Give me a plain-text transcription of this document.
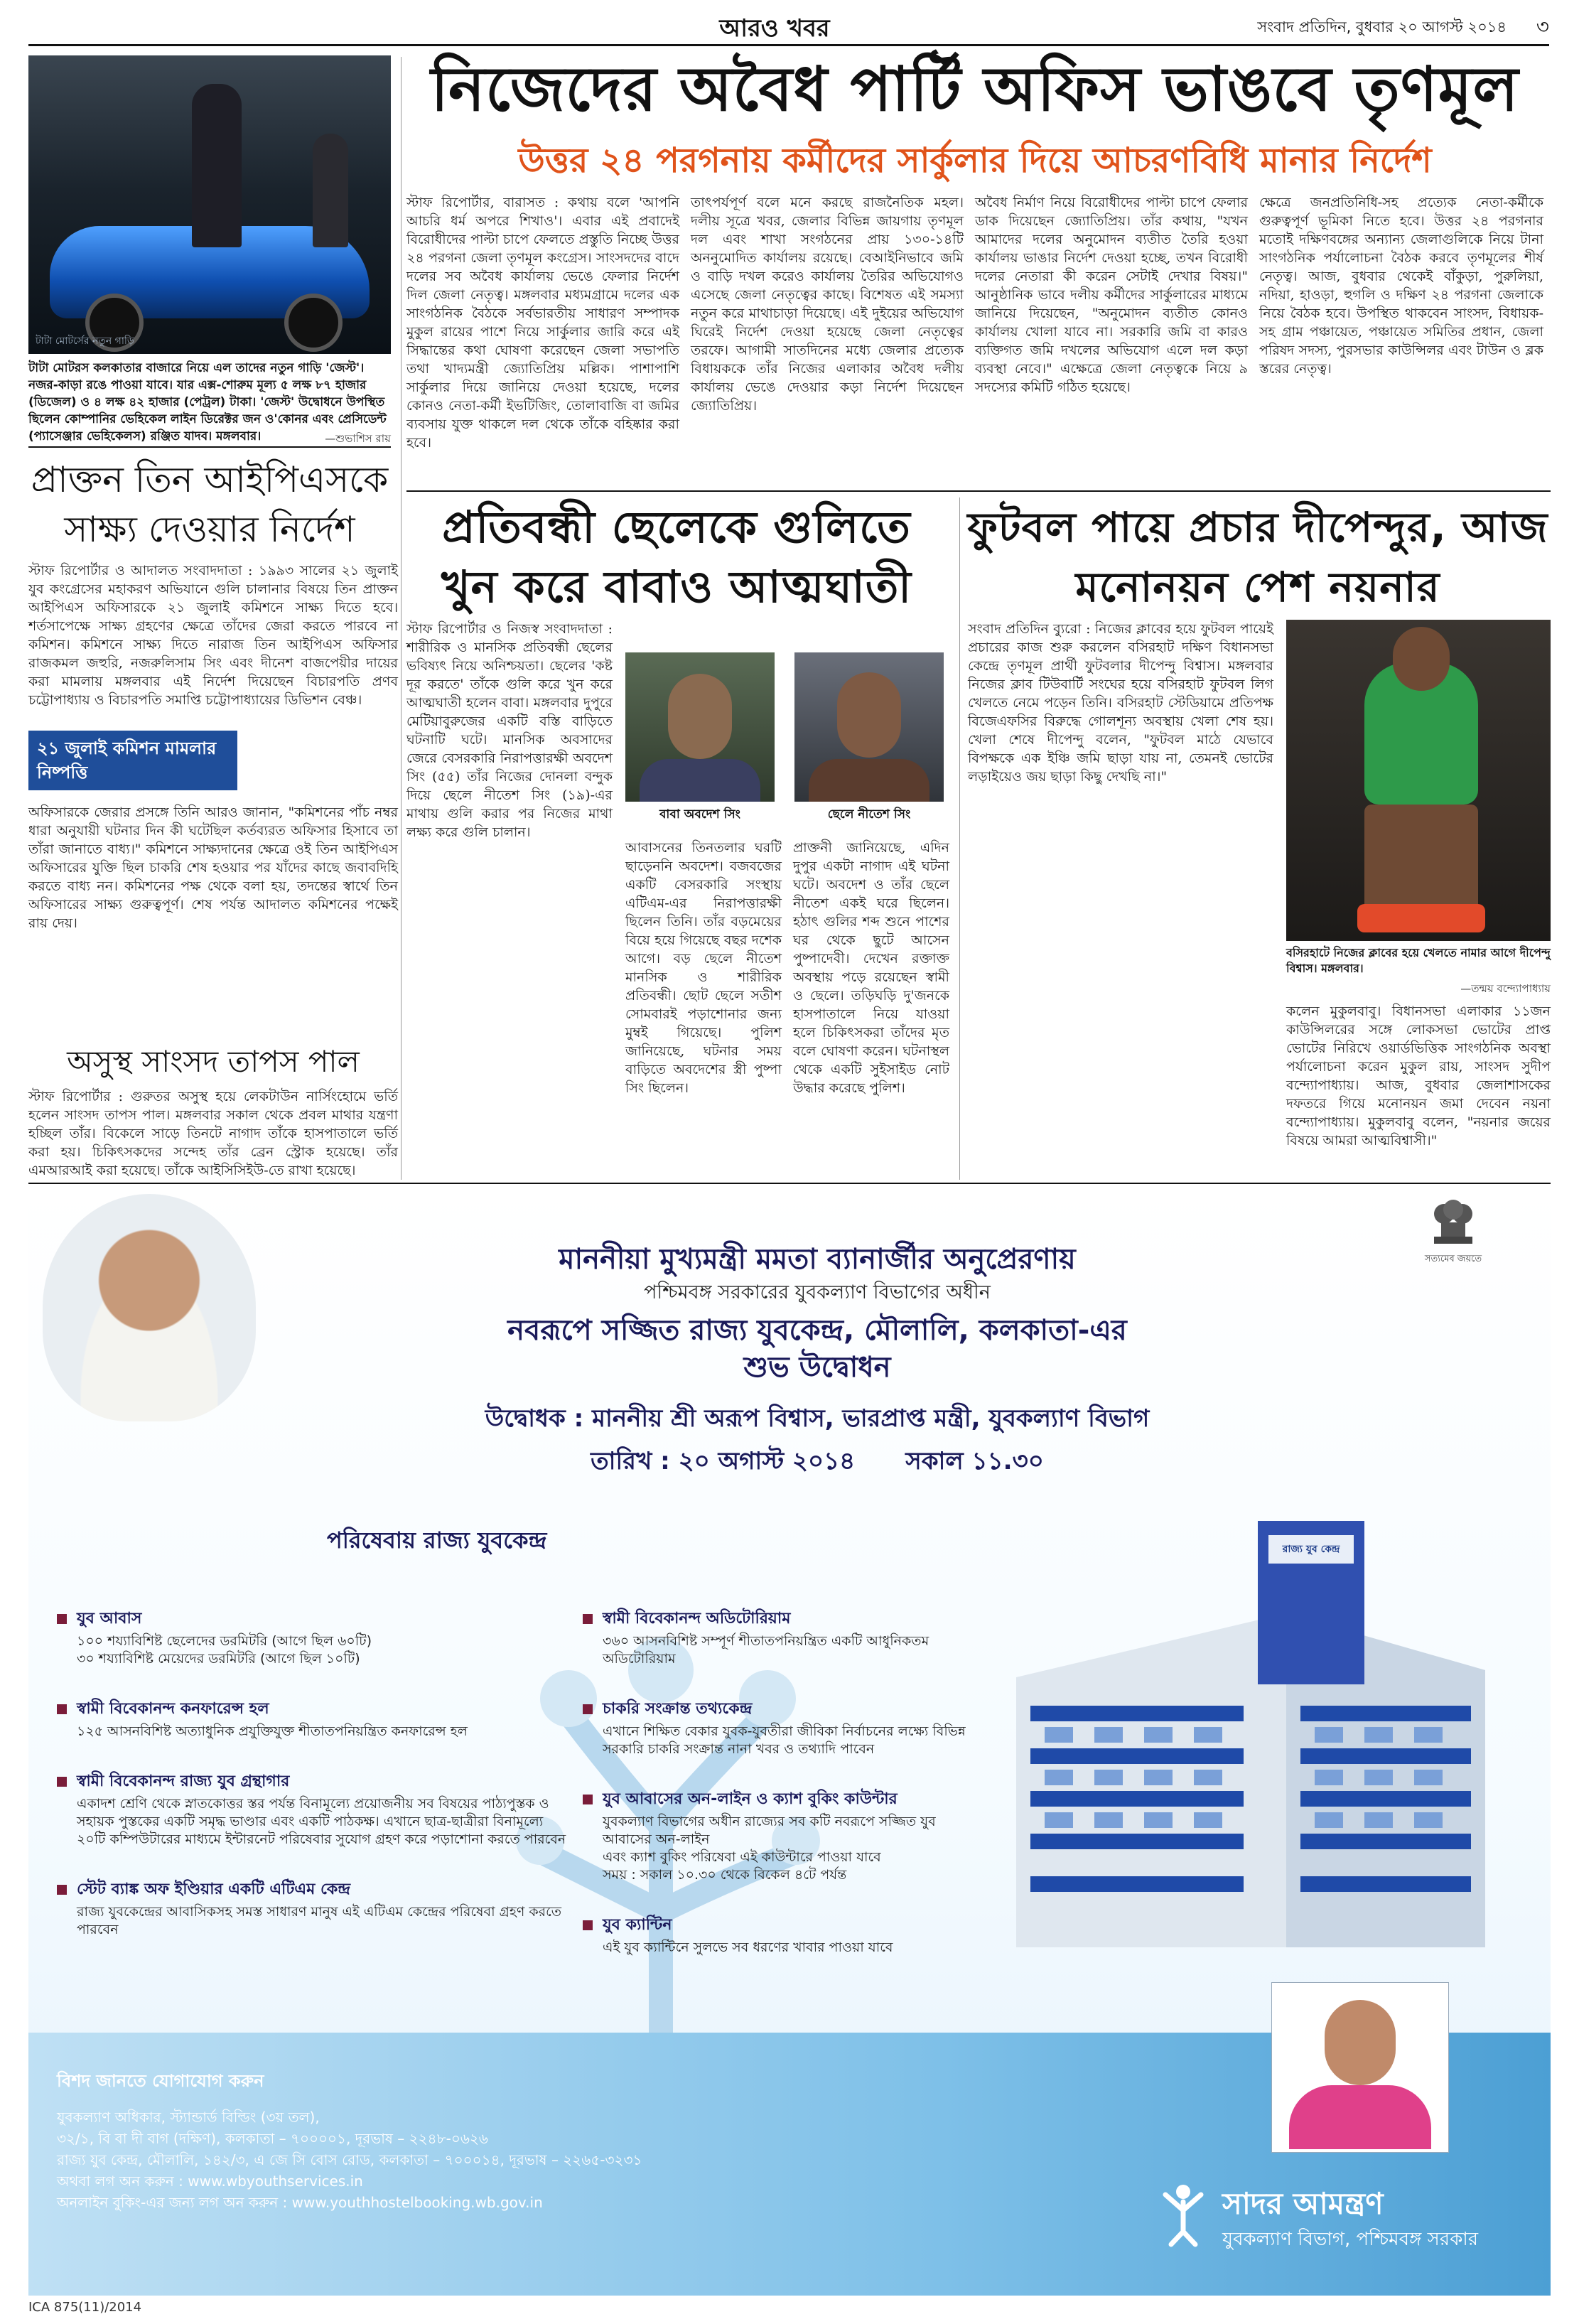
আরও খবর	সংবাদ প্রতিদিন, বুধবার ২০ আগস্ট ২০১৪	৩
টাটা মোটর্সের নতুন গাড়ি
টাটা মোটরস কলকাতার বাজারে নিয়ে এল তাদের নতুন গাড়ি 'জেস্ট'। নজর-কাড়া রঙে পাওয়া যাবে। যার এক্স-শোরুম মূল্য ৫ লক্ষ ৮৭ হাজার (ডিজেল) ও ৪ লক্ষ ৪২ হাজার (পেট্রল) টাকা। 'জেস্ট' উদ্বোধনে উপস্থিত ছিলেন কোম্পানির ভেহিকেল লাইন ডিরেক্টর জন ও'কোনর এবং প্রেসিডেন্ট (প্যাসেঞ্জার ভেহিকেলস) রঞ্জিত যাদব। মঙ্গলবার।	—শুভাশিস রায়
নিজেদের অবৈধ পার্টি অফিস ভাঙবে তৃণমূল
উত্তর ২৪ পরগনায় কর্মীদের সার্কুলার দিয়ে আচরণবিধি মানার নির্দেশ
স্টাফ রিপোর্টার, বারাসত : কথায় বলে 'আপনি আচরি ধর্ম অপরে শিখাও'। এবার এই প্রবাদেই বিরোধীদের পাল্টা চাপে ফেলতে প্রস্তুতি নিচ্ছে উত্তর ২৪ পরগনা জেলা তৃণমূল কংগ্রেস। সাংসদদের বাদে দলের সব অবৈধ কার্যালয় ভেঙে ফেলার নির্দেশ দিল জেলা নেতৃত্ব। মঙ্গলবার মধ্যমগ্রামে দলের এক সাংগঠনিক বৈঠকে সর্বভারতীয় সাধারণ সম্পাদক মুকুল রায়ের পাশে নিয়ে সার্কুলার জারি করে এই সিদ্ধান্তের কথা ঘোষণা করেছেন জেলা সভাপতি তথা খাদ্যমন্ত্রী জ্যোতিপ্রিয় মল্লিক। পাশাপাশি সার্কুলার দিয়ে জানিয়ে দেওয়া হয়েছে, দলের কোনও নেতা-কর্মী ইভটিজিং, তোলাবাজি বা জমির ব্যবসায় যুক্ত থাকলে দল থেকে তাঁকে বহিষ্কার করা হবে।
তাৎপর্যপূর্ণ বলে মনে করছে রাজনৈতিক মহল। দলীয় সূত্রে খবর, জেলার বিভিন্ন জায়গায় তৃণমূল দল এবং শাখা সংগঠনের প্রায় ১৩০-১৪টি অননুমোদিত কার্যালয় রয়েছে। বেআইনিভাবে জমি ও বাড়ি দখল করেও কার্যালয় তৈরির অভিযোগও এসেছে জেলা নেতৃত্বের কাছে। বিশেষত এই সমস্যা নতুন করে মাথাচাড়া দিয়েছে। এই দুইয়ের অভিযোগ ঘিরেই নির্দেশ দেওয়া হয়েছে জেলা নেতৃত্বের তরফে। আগামী সাতদিনের মধ্যে জেলার প্রত্যেক বিধায়ককে তাঁর নিজের এলাকার অবৈধ দলীয় কার্যালয় ভেঙে দেওয়ার কড়া নির্দেশ দিয়েছেন জ্যোতিপ্রিয়।
অবৈধ নির্মাণ নিয়ে বিরোধীদের পাল্টা চাপে ফেলার ডাক দিয়েছেন জ্যোতিপ্রিয়। তাঁর কথায়, "যখন আমাদের দলের অনুমোদন ব্যতীত তৈরি হওয়া কার্যালয় ভাঙার নির্দেশ দেওয়া হচ্ছে, তখন বিরোধী দলের নেতারা কী করেন সেটাই দেখার বিষয়।" আনুষ্ঠানিক ভাবে দলীয় কর্মীদের সার্কুলারের মাধ্যমে জানিয়ে দিয়েছেন, "অনুমোদন ব্যতীত কোনও কার্যালয় খোলা যাবে না। সরকারি জমি বা কারও ব্যক্তিগত জমি দখলের অভিযোগ এলে দল কড়া ব্যবস্থা নেবে।" এক্ষেত্রে জেলা নেতৃত্বকে নিয়ে ৯ সদস্যের কমিটি গঠিত হয়েছে।
ক্ষেত্রে জনপ্রতিনিধি-সহ প্রত্যেক নেতা-কর্মীকে গুরুত্বপূর্ণ ভূমিকা নিতে হবে। উত্তর ২৪ পরগনার মতোই দক্ষিণবঙ্গের অন্যান্য জেলাগুলিকে নিয়ে টানা সাংগঠনিক পর্যালোচনা বৈঠক করবে তৃণমূলের শীর্ষ নেতৃত্ব। আজ, বুধবার থেকেই বাঁকুড়া, পুরুলিয়া, নদিয়া, হাওড়া, হুগলি ও দক্ষিণ ২৪ পরগনা জেলাকে নিয়ে বৈঠক হবে। উপস্থিত থাকবেন সাংসদ, বিধায়ক-সহ গ্রাম পঞ্চায়েত, পঞ্চায়েত সমিতির প্রধান, জেলা পরিষদ সদস্য, পুরসভার কাউন্সিলর এবং টাউন ও ব্লক স্তরের নেতৃত্ব।
প্রাক্তন তিন আইপিএসকে সাক্ষ্য দেওয়ার নির্দেশ
স্টাফ রিপোর্টার ও আদালত সংবাদদাতা : ১৯৯৩ সালের ২১ জুলাই যুব কংগ্রেসের মহাকরণ অভিযানে গুলি চালানার বিষয়ে তিন প্রাক্তন আইপিএস অফিসারকে ২১ জুলাই কমিশনে সাক্ষ্য দিতে হবে। শর্তসাপেক্ষে সাক্ষ্য গ্রহণের ক্ষেত্রে তাঁদের জেরা করতে পারবে না কমিশন। কমিশনে সাক্ষ্য দিতে নারাজ তিন আইপিএস অফিসার রাজকমল জহুরি, নজরুলিসাম সিং এবং দীনেশ বাজপেয়ীর দায়ের করা মামলায় মঙ্গলবার এই নির্দেশ দিয়েছেন বিচারপতি প্রণব চট্টোপাধ্যায় ও বিচারপতি সমাপ্তি চট্টোপাধ্যায়ের ডিভিশন বেঞ্চ।
২১ জুলাই কমিশন মামলার নিষ্পত্তি
অফিসারকে জেরার প্রসঙ্গে তিনি আরও জানান, "কমিশনের পাঁচ নম্বর ধারা অনুযায়ী ঘটনার দিন কী ঘটেছিল কর্তব্যরত অফিসার হিসাবে তা তাঁরা জানাতে বাধ্য।" কমিশনে সাক্ষ্যদানের ক্ষেত্রে ওই তিন আইপিএস অফিসারের যুক্তি ছিল চাকরি শেষ হওয়ার পর যাঁদের কাছে জবাবদিহি করতে বাধ্য নন। কমিশনের পক্ষ থেকে বলা হয়, তদন্তের স্বার্থে তিন অফিসারের সাক্ষ্য গুরুত্বপূর্ণ। শেষ পর্যন্ত আদালত কমিশনের পক্ষেই রায় দেয়।
অসুস্থ সাংসদ তাপস পাল
স্টাফ রিপোর্টার : গুরুতর অসুস্থ হয়ে লেকটাউন নার্সিংহোমে ভর্তি হলেন সাংসদ তাপস পাল। মঙ্গলবার সকাল থেকে প্রবল মাথার যন্ত্রণা হচ্ছিল তাঁর। বিকেলে সাড়ে তিনটে নাগাদ তাঁকে হাসপাতালে ভর্তি করা হয়। চিকিৎসকদের সন্দেহ তাঁর ব্রেন স্ট্রোক হয়েছে। তাঁর এমআরআই করা হয়েছে। তাঁকে আইসিসিইউ-তে রাখা হয়েছে।
প্রতিবন্ধী ছেলেকে গুলিতে খুন করে বাবাও আত্মঘাতী
স্টাফ রিপোর্টার ও নিজস্ব সংবাদদাতা : শারীরিক ও মানসিক প্রতিবন্ধী ছেলের ভবিষ্যৎ নিয়ে অনিশ্চয়তা। ছেলের 'কষ্ট দূর করতে' তাঁকে গুলি করে খুন করে আত্মঘাতী হলেন বাবা। মঙ্গলবার দুপুরে মেটিয়াবুরুজের একটি বস্তি বাড়িতে ঘটনাটি ঘটে। মানসিক অবসাদের জেরে বেসরকারি নিরাপত্তারক্ষী অবদেশ সিং (৫৫) তাঁর নিজের দোনলা বন্দুক দিয়ে ছেলে নীতেশ সিং (১৯)-এর মাথায় গুলি করার পর নিজের মাথা লক্ষ্য করে গুলি চালান।
বাবা অবদেশ সিং	ছেলে নীতেশ সিং
আবাসনের তিনতলার ঘরটি ছাড়েননি অবদেশ। বজবজের একটি বেসরকারি সংস্থায় এটিএম-এর নিরাপত্তারক্ষী ছিলেন তিনি। তাঁর বড়মেয়ের বিয়ে হয়ে গিয়েছে বছর দশেক আগে। বড় ছেলে নীতেশ মানসিক ও শারীরিক প্রতিবন্ধী। ছোট ছেলে সতীশ সোমবারই পড়াশোনার জন্য মুম্বই গিয়েছে। পুলিশ জানিয়েছে, ঘটনার সময় বাড়িতে অবদেশের স্ত্রী পুষ্পা সিং ছিলেন।
প্রাক্তনী জানিয়েছে, এদিন দুপুর একটা নাগাদ এই ঘটনা ঘটে। অবদেশ ও তাঁর ছেলে নীতেশ একই ঘরে ছিলেন। হঠাৎ গুলির শব্দ শুনে পাশের ঘর থেকে ছুটে আসেন পুষ্পাদেবী। দেখেন রক্তাক্ত অবস্থায় পড়ে রয়েছেন স্বামী ও ছেলে। তড়িঘড়ি দু'জনকে হাসপাতালে নিয়ে যাওয়া হলে চিকিৎসকরা তাঁদের মৃত বলে ঘোষণা করেন। ঘটনাস্থল থেকে একটি সুইসাইড নোট উদ্ধার করেছে পুলিশ।
ফুটবল পায়ে প্রচার দীপেন্দুর, আজ মনোনয়ন পেশ নয়নার
সংবাদ প্রতিদিন ব্যুরো : নিজের ক্লাবের হয়ে ফুটবল পায়েই প্রচারের কাজ শুরু করলেন বসিরহাট দক্ষিণ বিধানসভা কেন্দ্রে তৃণমূল প্রার্থী ফুটবলার দীপেন্দু বিশ্বাস। মঙ্গলবার নিজের ক্লাব টিউবার্টি সংঘের হয়ে বসিরহাট ফুটবল লিগ খেলতে নেমে পড়েন তিনি। বসিরহাট স্টেডিয়ামে প্রতিপক্ষ বিজেএফসির বিরুদ্ধে গোলশূন্য অবস্থায় খেলা শেষ হয়। খেলা শেষে দীপেন্দু বলেন, "ফুটবল মাঠে যেভাবে বিপক্ষকে এক ইঞ্চি জমি ছাড়া যায় না, তেমনই ভোটের লড়াইয়েও জয় ছাড়া কিছু দেখছি না।"
বসিরহাটে নিজের ক্লাবের হয়ে খেলতে নামার আগে দীপেন্দু বিশ্বাস। মঙ্গলবার।
—তন্ময় বন্দ্যোপাধ্যায়
কলেন মুকুলবাবু। বিধানসভা এলাকার ১১জন কাউন্সিলরের সঙ্গে লোকসভা ভোটের প্রাপ্ত ভোটের নিরিখে ওয়ার্ডভিত্তিক সাংগঠনিক অবস্থা পর্যালোচনা করেন মুকুল রায়, সাংসদ সুদীপ বন্দ্যোপাধ্যায়। আজ, বুধবার জেলাশাসকের দফতরে গিয়ে মনোনয়ন জমা দেবেন নয়না বন্দ্যোপাধ্যায়। মুকুলবাবু বলেন, "নয়নার জয়ের বিষয়ে আমরা আত্মবিশ্বাসী।"
মাননীয়া মুখ্যমন্ত্রী মমতা ব্যানার্জীর অনুপ্রেরণায়
পশ্চিমবঙ্গ সরকারের যুবকল্যাণ বিভাগের অধীন
নবরূপে সজ্জিত রাজ্য যুবকেন্দ্র, মৌলালি, কলকাতা-এর
শুভ উদ্বোধন
উদ্বোধক : মাননীয় শ্রী অরূপ বিশ্বাস, ভারপ্রাপ্ত মন্ত্রী, যুবকল্যাণ বিভাগ
তারিখ : ২০ অগাস্ট ২০১৪      সকাল ১১.৩০
সত্যমেব জয়তে
রাজ্য যুব কেন্দ্র
পরিষেবায় রাজ্য যুবকেন্দ্র
যুব আবাস
১০০ শয্যাবিশিষ্ট ছেলেদের ডরমিটরি (আগে ছিল ৬০টি)
৩০ শয্যাবিশিষ্ট মেয়েদের ডরমিটরি (আগে ছিল ১০টি)
স্বামী বিবেকানন্দ কনফারেন্স হল
১২৫ আসনবিশিষ্ট অত্যাধুনিক প্রযুক্তিযুক্ত শীতাতপনিয়ন্ত্রিত কনফারেন্স হল
স্বামী বিবেকানন্দ রাজ্য যুব গ্রন্থাগার
একাদশ শ্রেণি থেকে স্নাতকোত্তর স্তর পর্যন্ত বিনামূল্যে প্রয়োজনীয় সব বিষয়ের পাঠ্যপুস্তক ও সহায়ক পুস্তকের একটি সমৃদ্ধ ভাণ্ডার এবং একটি পাঠকক্ষ। এখানে ছাত্র-ছাত্রীরা বিনামূল্যে ২০টি কম্পিউটারের মাধ্যমে ইন্টারনেট পরিষেবার সুযোগ গ্রহণ করে পড়াশোনা করতে পারবেন
স্টেট ব্যাঙ্ক অফ ইণ্ডিয়ার একটি এটিএম কেন্দ্র
রাজ্য যুবকেন্দ্রের আবাসিকসহ সমস্ত সাধারণ মানুষ এই এটিএম কেন্দ্রের পরিষেবা গ্রহণ করতে পারবেন
স্বামী বিবেকানন্দ অডিটোরিয়াম
৩৬০ আসনবিশিষ্ট সম্পূর্ণ শীতাতপনিয়ন্ত্রিত একটি আধুনিকতম অডিটোরিয়াম
চাকরি সংক্রান্ত তথ্যকেন্দ্র
এখানে শিক্ষিত বেকার যুবক-যুবতীরা জীবিকা নির্বাচনের লক্ষ্যে বিভিন্ন সরকারি চাকরি সংক্রান্ত নানা খবর ও তথ্যাদি পাবেন
যুব আবাসের অন-লাইন ও ক্যাশ বুকিং কাউন্টার
যুবকল্যাণ বিভাগের অধীন রাজ্যের সব কটি নবরূপে সজ্জিত যুব আবাসের অন-লাইন
এবং ক্যাশ বুকিং পরিষেবা এই কাউন্টারে পাওয়া যাবে
সময় : সকাল ১০.৩০ থেকে বিকেল ৪টে পর্যন্ত
যুব ক্যান্টিন
এই যুব ক্যান্টিনে সুলভে সব ধরণের খাবার পাওয়া যাবে
বিশদ জানতে যোগাযোগ করুন
যুবকল্যাণ অধিকার, স্ট্যান্ডার্ড বিল্ডিং (৩য় তল),
৩২/১, বি বা দী বাগ (দক্ষিণ), কলকাতা – ৭০০০০১, দূরভাষ – ২২৪৮-০৬২৬
রাজ্য যুব কেন্দ্র, মৌলালি, ১৪২/৩, এ জে সি বোস রোড, কলকাতা – ৭০০০১৪, দূরভাষ – ২২৬৫-৩২৩১
অথবা লগ অন করুন : www.wbyouthservices.in
অনলাইন বুকিং-এর জন্য লগ অন করুন : www.youthhostelbooking.wb.gov.in	সাদর আমন্ত্রণ
যুবকল্যাণ বিভাগ, পশ্চিমবঙ্গ সরকার
ICA 875(11)/2014
